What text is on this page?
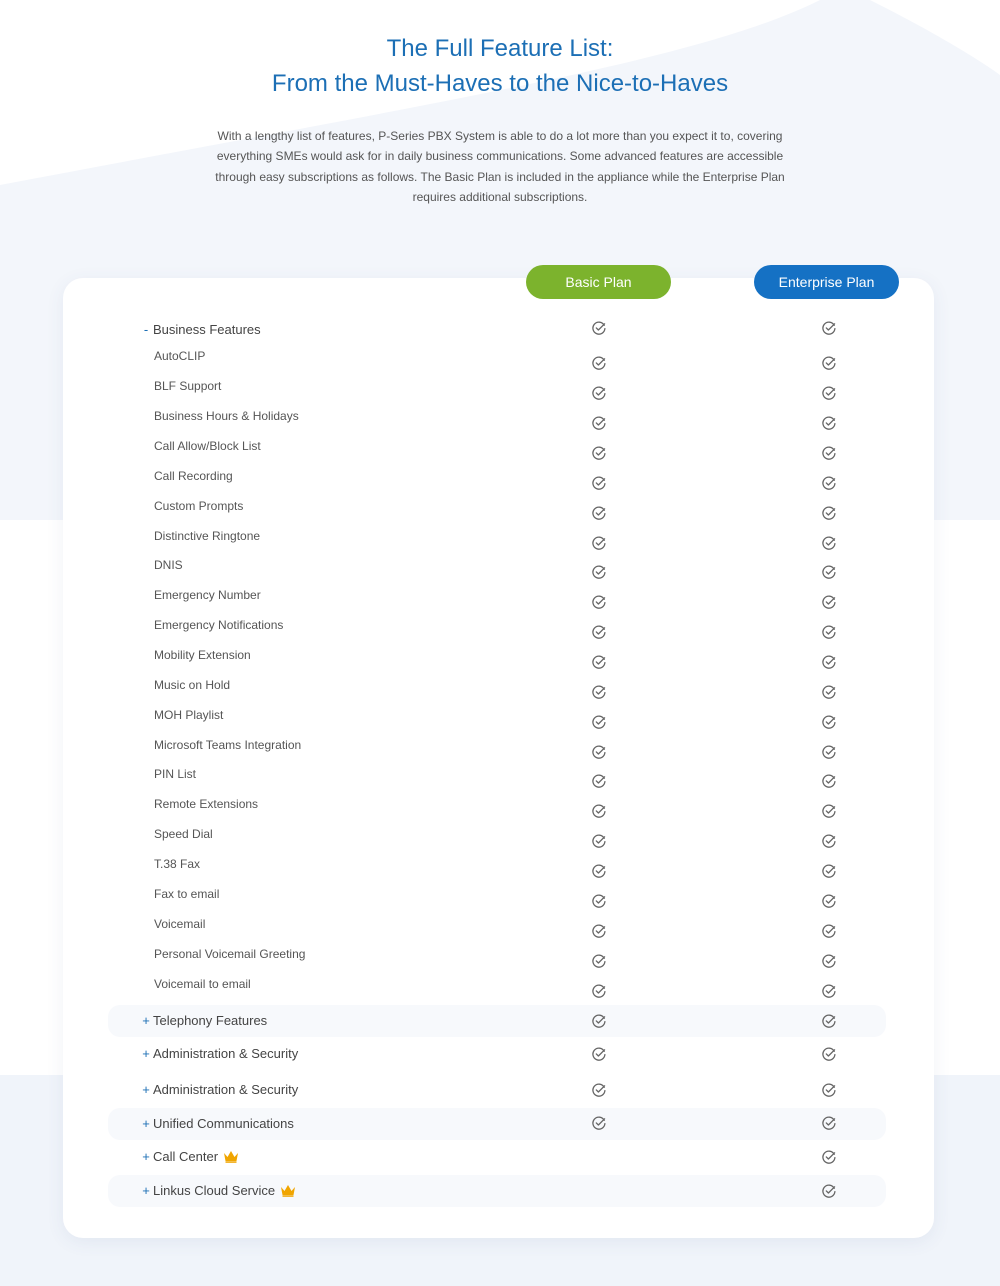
The Full Feature List:
From the Must-Haves to the Nice-to-Haves

With a lengthy list of features, P-Series PBX System is able to do a lot more than you expect it to, covering everything SMEs would ask for in daily business communications. Some advanced features are accessible through easy subscriptions as follows. The Basic Plan is included in the appliance while the Enterprise Plan requires additional subscriptions.

Basic Plan	Enterprise Plan
- Business Features
AutoCLIP
BLF Support
Business Hours & Holidays
Call Allow/Block List
Call Recording
Custom Prompts
Distinctive Ringtone
DNIS
Emergency Number
Emergency Notifications
Mobility Extension
Music on Hold
MOH Playlist
Microsoft Teams Integration
PIN List
Remote Extensions
Speed Dial
T.38 Fax
Fax to email
Voicemail
Personal Voicemail Greeting
Voicemail to email
+ Telephony Features
+ Administration & Security
+ Administration & Security
+ Unified Communications
+ Call Center
+ Linkus Cloud Service
